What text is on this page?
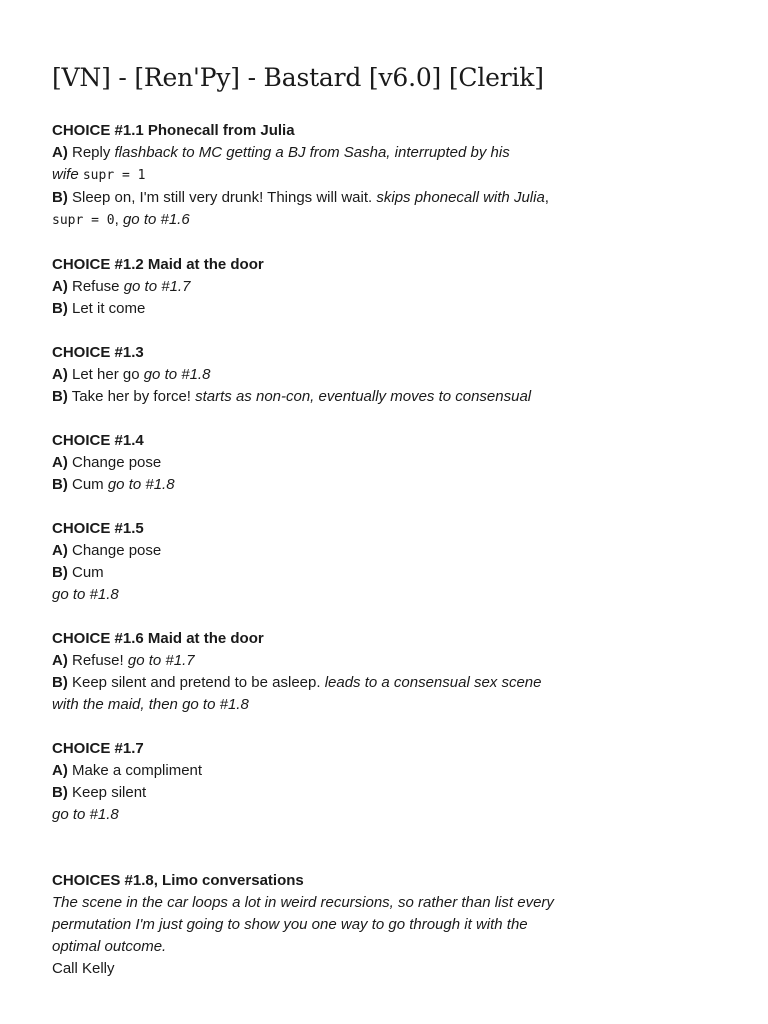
[VN] - [Ren'Py] - Bastard [v6.0] [Clerik]
CHOICE #1.1 Phonecall from Julia
A) Reply flashback to MC getting a BJ from Sasha, interrupted by his wife supr = 1
B) Sleep on, I'm still very drunk! Things will wait. skips phonecall with Julia, supr = 0, go to #1.6
CHOICE #1.2 Maid at the door
A) Refuse go to #1.7
B) Let it come
CHOICE #1.3
A) Let her go go to #1.8
B) Take her by force! starts as non-con, eventually moves to consensual
CHOICE #1.4
A) Change pose
B) Cum go to #1.8
CHOICE #1.5
A) Change pose
B) Cum
go to #1.8
CHOICE #1.6 Maid at the door
A) Refuse! go to #1.7
B) Keep silent and pretend to be asleep. leads to a consensual sex scene with the maid, then go to #1.8
CHOICE #1.7
A) Make a compliment
B) Keep silent
go to #1.8
CHOICES #1.8, Limo conversations
The scene in the car loops a lot in weird recursions, so rather than list every permutation I'm just going to show you one way to go through it with the optimal outcome.
Call Kelly
